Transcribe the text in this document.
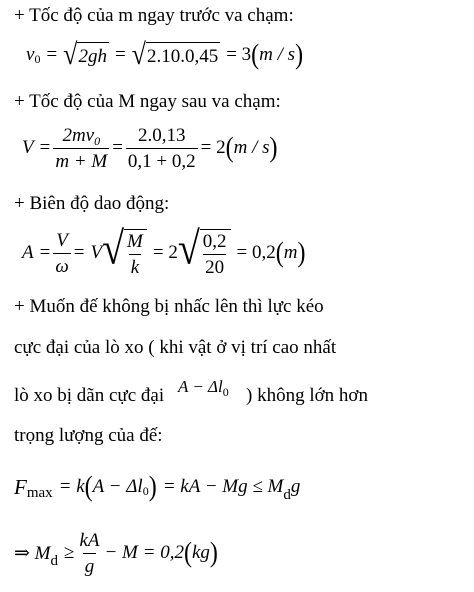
+ Tốc độ của m ngay trước va chạm:
v 0 = √ 2gh = √ 2.10.0,45 = 3 ( m / s )
+ Tốc độ của M ngay sau va chạm:
$V = \frac{2mv_0}{m + M} = \frac{2.0,13}{0,1 + 0,2} = 2$ ( m / s )
+ Biên độ dao động:
$A = \frac{V}{\omega} = V$ √ $\frac{M}{k} = 2$ √ $\frac{0,2}{20} = 0,2$ ( m )
+ Muốn đế không bị nhấc lên thì lực kéo
cực đại của lò xo ( khi vật ở vị trí cao nhất
lò xo bị dãn cực đại $A - \Delta l_0$ ) không lớn hơn
trọng lượng của đế:
F max = k ( A − Δl 0 ) = kA − Mg ≤ M d g
⇒ M $d \ge \frac{kA}{g} - M = 0,2$ ( kg )
